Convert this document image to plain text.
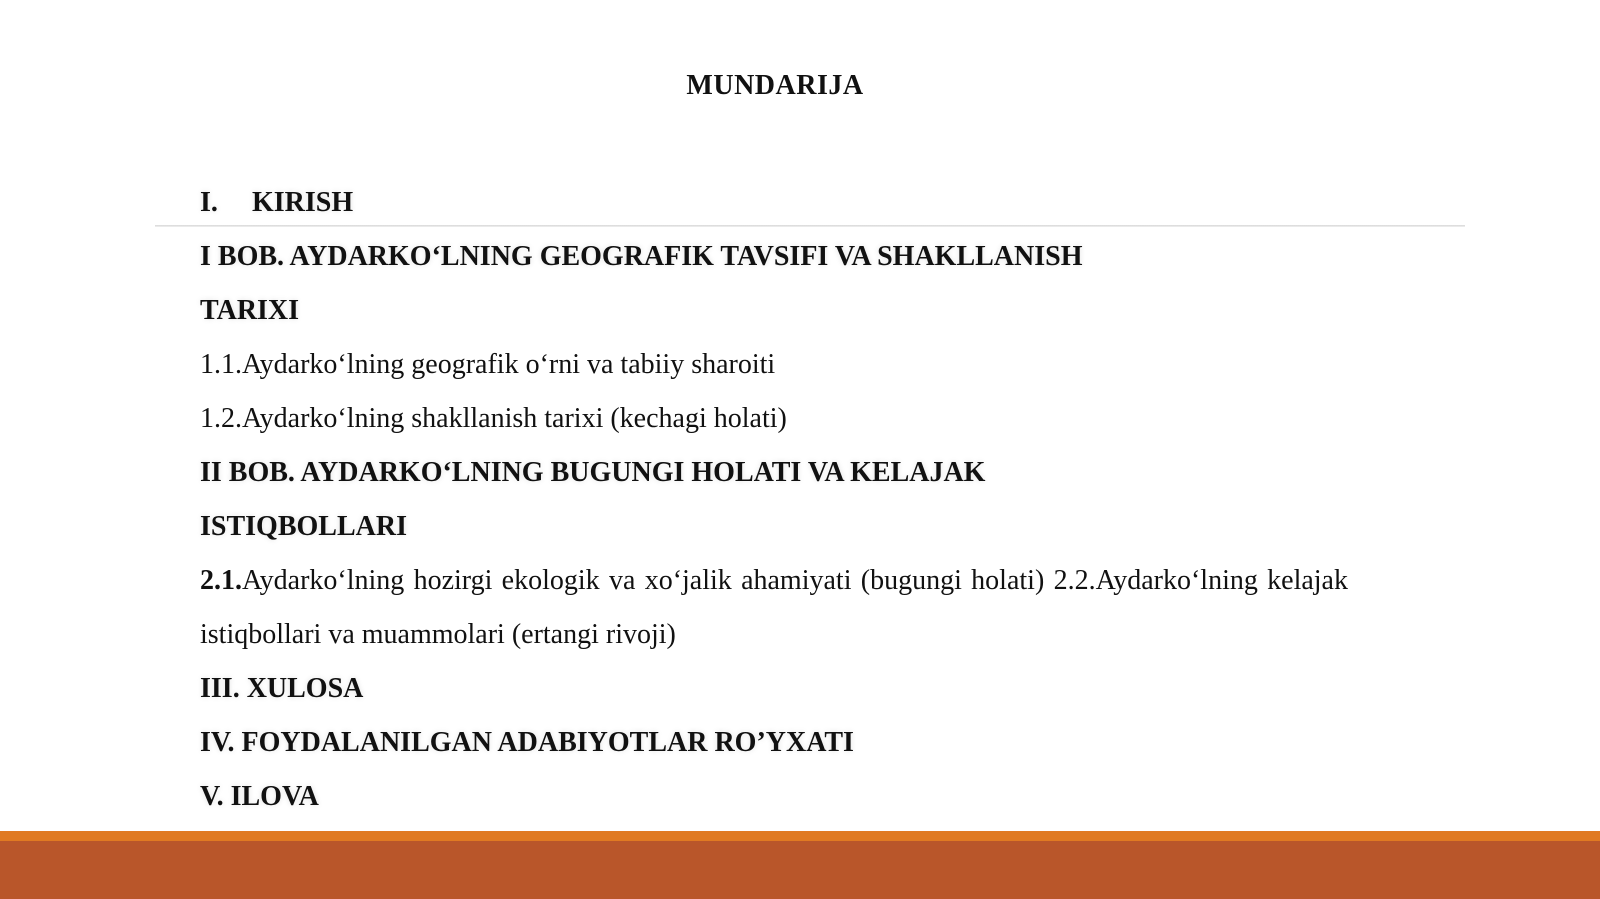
MUNDARIJA
I. KIRISH
I BOB. AYDARKO‘LNING GEOGRAFIK TAVSIFI VA SHAKLLANISH
TARIXI
1.1.Aydarko‘lning geografik o‘rni va tabiiy sharoiti
1.2.Aydarko‘lning shakllanish tarixi (kechagi holati)
II BOB. AYDARKO‘LNING BUGUNGI HOLATI VA KELAJAK
ISTIQBOLLARI
2.1.Aydarko‘lning hozirgi ekologik va xo‘jalik ahamiyati (bugungi holati) 2.2.Aydarko‘lning kelajak istiqbollari va muammolari (ertangi rivoji)
III. XULOSA
IV. FOYDALANILGAN ADABIYOTLAR RO’YXATI
V. ILOVA
